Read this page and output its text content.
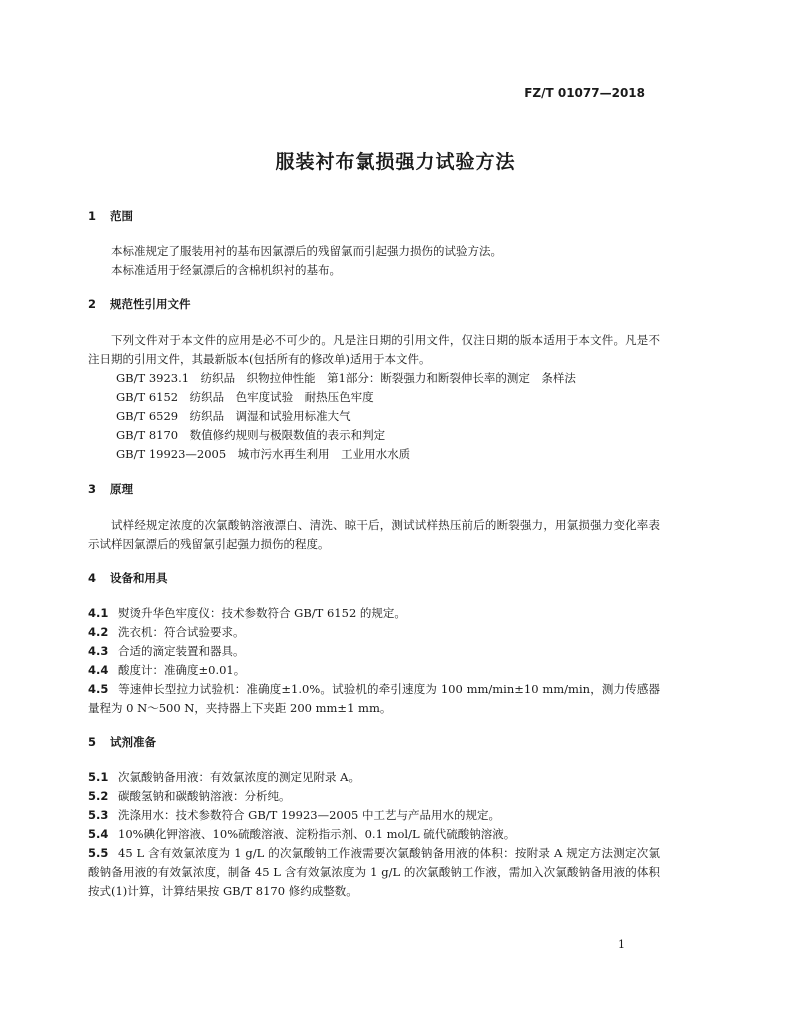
FZ/T 01077—2018
服装衬布氯损强力试验方法
1 范围
本标准规定了服装用衬的基布因氯漂后的残留氯而引起强力损伤的试验方法。
本标准适用于经氯漂后的含棉机织衬的基布。
2 规范性引用文件
下列文件对于本文件的应用是必不可少的。凡是注日期的引用文件，仅注日期的版本适用于本文件。凡是不注日期的引用文件，其最新版本(包括所有的修改单)适用于本文件。
GB/T 3923.1　纺织品　织物拉伸性能　第1部分：断裂强力和断裂伸长率的测定　条样法
GB/T 6152　纺织品　色牢度试验　耐热压色牢度
GB/T 6529　纺织品　调湿和试验用标准大气
GB/T 8170　数值修约规则与极限数值的表示和判定
GB/T 19923—2005　城市污水再生利用　工业用水水质
3 原理
试样经规定浓度的次氯酸钠溶液漂白、清洗、晾干后，测试试样热压前后的断裂强力，用氯损强力变化率表示试样因氯漂后的残留氯引起强力损伤的程度。
4 设备和用具
4.1 熨烫升华色牢度仪：技术参数符合 GB/T 6152 的规定。
4.2 洗衣机：符合试验要求。
4.3 合适的滴定装置和器具。
4.4 酸度计：准确度±0.01。
4.5 等速伸长型拉力试验机：准确度±1.0%。试验机的牵引速度为 100 mm/min±10 mm/min，测力传感器量程为 0 N～500 N，夹持器上下夹距 200 mm±1 mm。
5 试剂准备
5.1 次氯酸钠备用液：有效氯浓度的测定见附录 A。
5.2 碳酸氢钠和碳酸钠溶液：分析纯。
5.3 洗涤用水：技术参数符合 GB/T 19923—2005 中工艺与产品用水的规定。
5.4 10%碘化钾溶液、10%硫酸溶液、淀粉指示剂、0.1 mol/L 硫代硫酸钠溶液。
5.5 45 L 含有效氯浓度为 1 g/L 的次氯酸钠工作液需要次氯酸钠备用液的体积：按附录 A 规定方法测定次氯酸钠备用液的有效氯浓度，制备 45 L 含有效氯浓度为 1 g/L 的次氯酸钠工作液，需加入次氯酸钠备用液的体积按式(1)计算，计算结果按 GB/T 8170 修约成整数。
1
